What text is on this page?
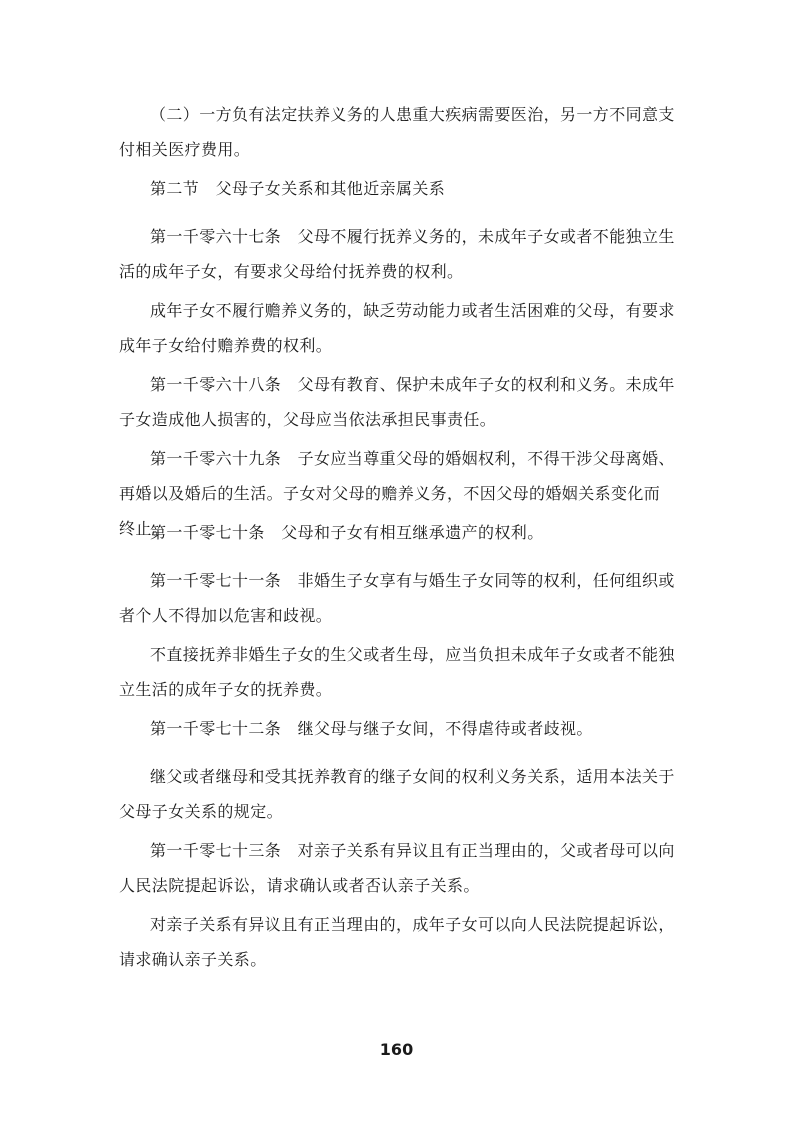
（二）一方负有法定扶养义务的人患重大疾病需要医治，另一方不同意支付相关医疗费用。

第二节　父母子女关系和其他近亲属关系

第一千零六十七条　父母不履行抚养义务的，未成年子女或者不能独立生活的成年子女，有要求父母给付抚养费的权利。

成年子女不履行赡养义务的，缺乏劳动能力或者生活困难的父母，有要求成年子女给付赡养费的权利。

第一千零六十八条　父母有教育、保护未成年子女的权利和义务。未成年子女造成他人损害的，父母应当依法承担民事责任。

第一千零六十九条　子女应当尊重父母的婚姻权利，不得干涉父母离婚、再婚以及婚后的生活。子女对父母的赡养义务，不因父母的婚姻关系变化而终止。

第一千零七十条　父母和子女有相互继承遗产的权利。

第一千零七十一条　非婚生子女享有与婚生子女同等的权利，任何组织或者个人不得加以危害和歧视。

不直接抚养非婚生子女的生父或者生母，应当负担未成年子女或者不能独立生活的成年子女的抚养费。

第一千零七十二条　继父母与继子女间，不得虐待或者歧视。

继父或者继母和受其抚养教育的继子女间的权利义务关系，适用本法关于父母子女关系的规定。

第一千零七十三条　对亲子关系有异议且有正当理由的，父或者母可以向人民法院提起诉讼，请求确认或者否认亲子关系。

对亲子关系有异议且有正当理由的，成年子女可以向人民法院提起诉讼，请求确认亲子关系。

160
